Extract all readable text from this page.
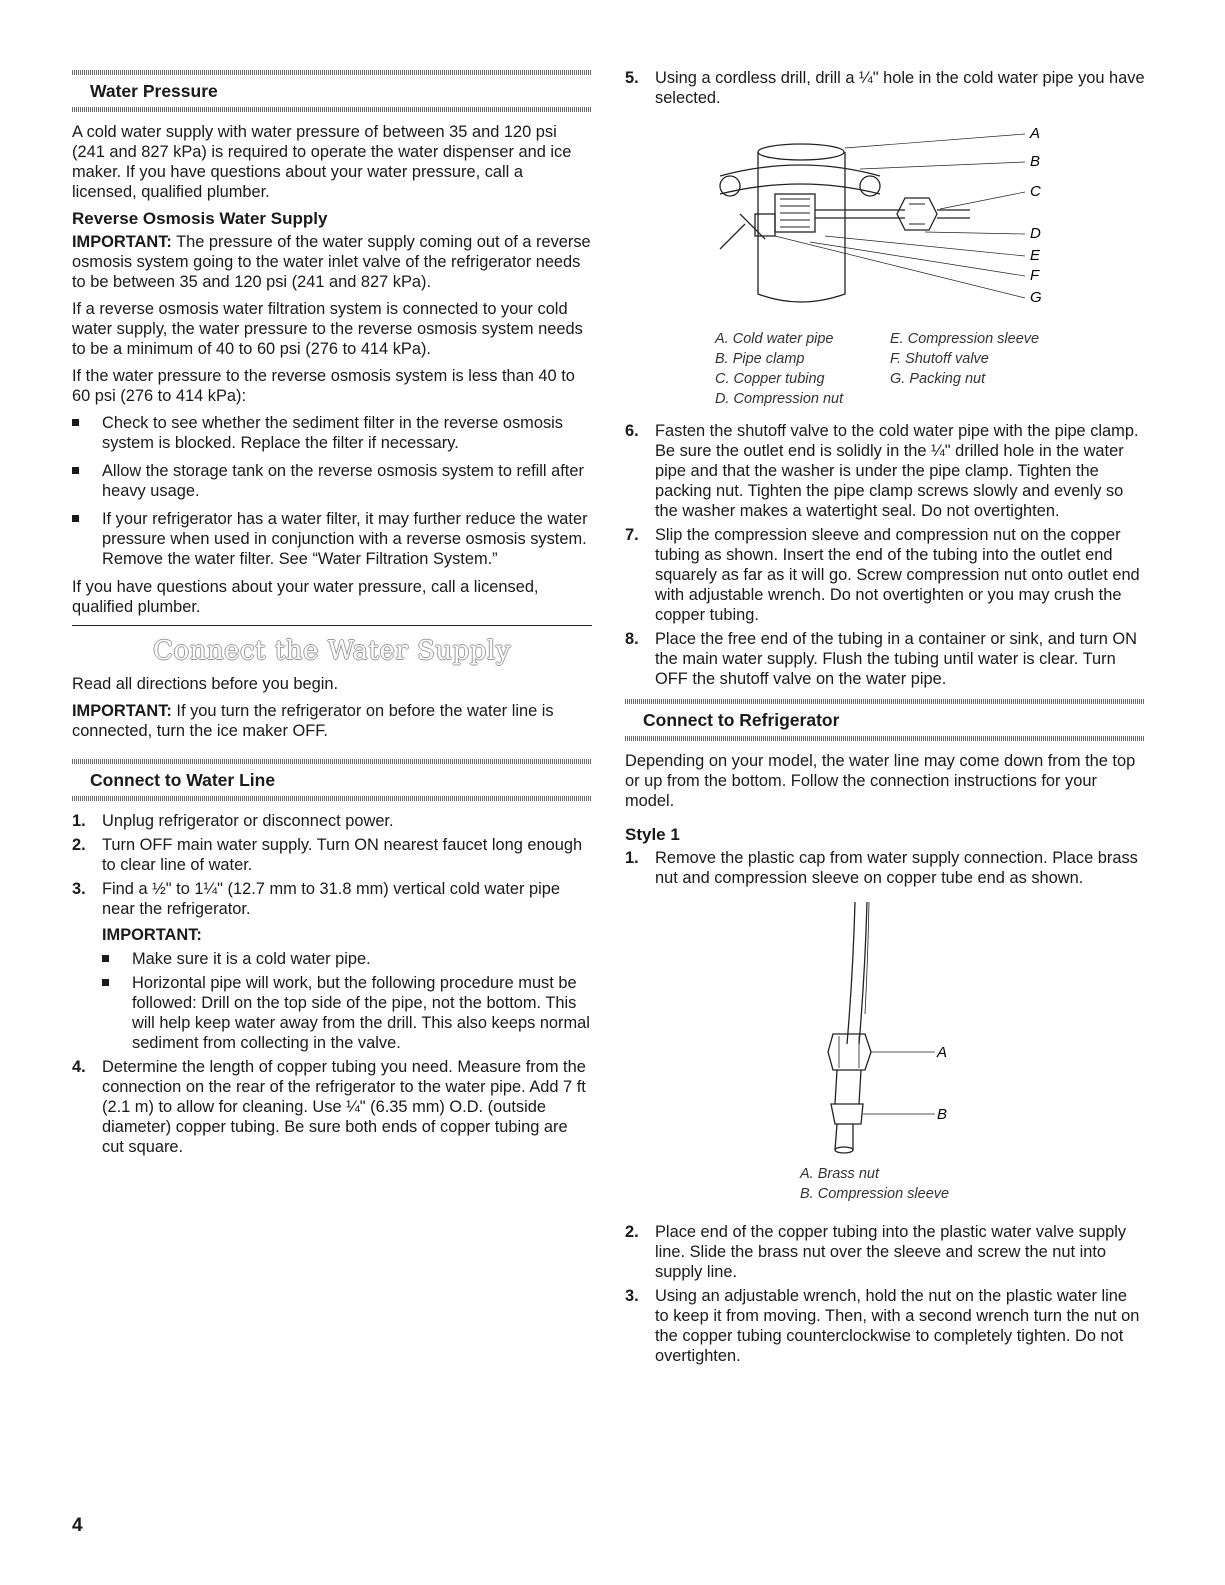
Water Pressure

A cold water supply with water pressure of between 35 and 120 psi (241 and 827 kPa) is required to operate the water dispenser and ice maker. If you have questions about your water pressure, call a licensed, qualified plumber.

Reverse Osmosis Water Supply

IMPORTANT: The pressure of the water supply coming out of a reverse osmosis system going to the water inlet valve of the refrigerator needs to be between 35 and 120 psi (241 and 827 kPa).

If a reverse osmosis water filtration system is connected to your cold water supply, the water pressure to the reverse osmosis system needs to be a minimum of 40 to 60 psi (276 to 414 kPa).

If the water pressure to the reverse osmosis system is less than 40 to 60 psi (276 to 414 kPa):

Check to see whether the sediment filter in the reverse osmosis system is blocked. Replace the filter if necessary.
Allow the storage tank on the reverse osmosis system to refill after heavy usage.
If your refrigerator has a water filter, it may further reduce the water pressure when used in conjunction with a reverse osmosis system. Remove the water filter. See “Water Filtration System.”

If you have questions about your water pressure, call a licensed, qualified plumber.

Connect the Water Supply

Read all directions before you begin.

IMPORTANT: If you turn the refrigerator on before the water line is connected, turn the ice maker OFF.

Connect to Water Line
1. Unplug refrigerator or disconnect power.
2. Turn OFF main water supply. Turn ON nearest faucet long enough to clear line of water.
3. Find a ½" to 1¼" (12.7 mm to 31.8 mm) vertical cold water pipe near the refrigerator.
IMPORTANT:
Make sure it is a cold water pipe.
Horizontal pipe will work, but the following procedure must be followed: Drill on the top side of the pipe, not the bottom. This will help keep water away from the drill. This also keeps normal sediment from collecting in the valve.
4. Determine the length of copper tubing you need. Measure from the connection on the rear of the refrigerator to the water pipe. Add 7 ft (2.1 m) to allow for cleaning. Use ¼" (6.35 mm) O.D. (outside diameter) copper tubing. Be sure both ends of copper tubing are cut square.
5. Using a cordless drill, drill a ¼" hole in the cold water pipe you have selected.
A
B
C
D
E
F
G
A. Cold water pipe
B. Pipe clamp
C. Copper tubing
D. Compression nut
E. Compression sleeve
F. Shutoff valve
G. Packing nut
6. Fasten the shutoff valve to the cold water pipe with the pipe clamp. Be sure the outlet end is solidly in the ¼" drilled hole in the water pipe and that the washer is under the pipe clamp. Tighten the packing nut. Tighten the pipe clamp screws slowly and evenly so the washer makes a watertight seal. Do not overtighten.
7. Slip the compression sleeve and compression nut on the copper tubing as shown. Insert the end of the tubing into the outlet end squarely as far as it will go. Screw compression nut onto outlet end with adjustable wrench. Do not overtighten or you may crush the copper tubing.
8. Place the free end of the tubing in a container or sink, and turn ON the main water supply. Flush the tubing until water is clear. Turn OFF the shutoff valve on the water pipe.
Connect to Refrigerator

Depending on your model, the water line may come down from the top or up from the bottom. Follow the connection instructions for your model.

Style 1
1. Remove the plastic cap from water supply connection. Place brass nut and compression sleeve on copper tube end as shown.
A
B
A. Brass nut
B. Compression sleeve
2. Place end of the copper tubing into the plastic water valve supply line. Slide the brass nut over the sleeve and screw the nut into supply line.
3. Using an adjustable wrench, hold the nut on the plastic water line to keep it from moving. Then, with a second wrench turn the nut on the copper tubing counterclockwise to completely tighten. Do not overtighten.
4
